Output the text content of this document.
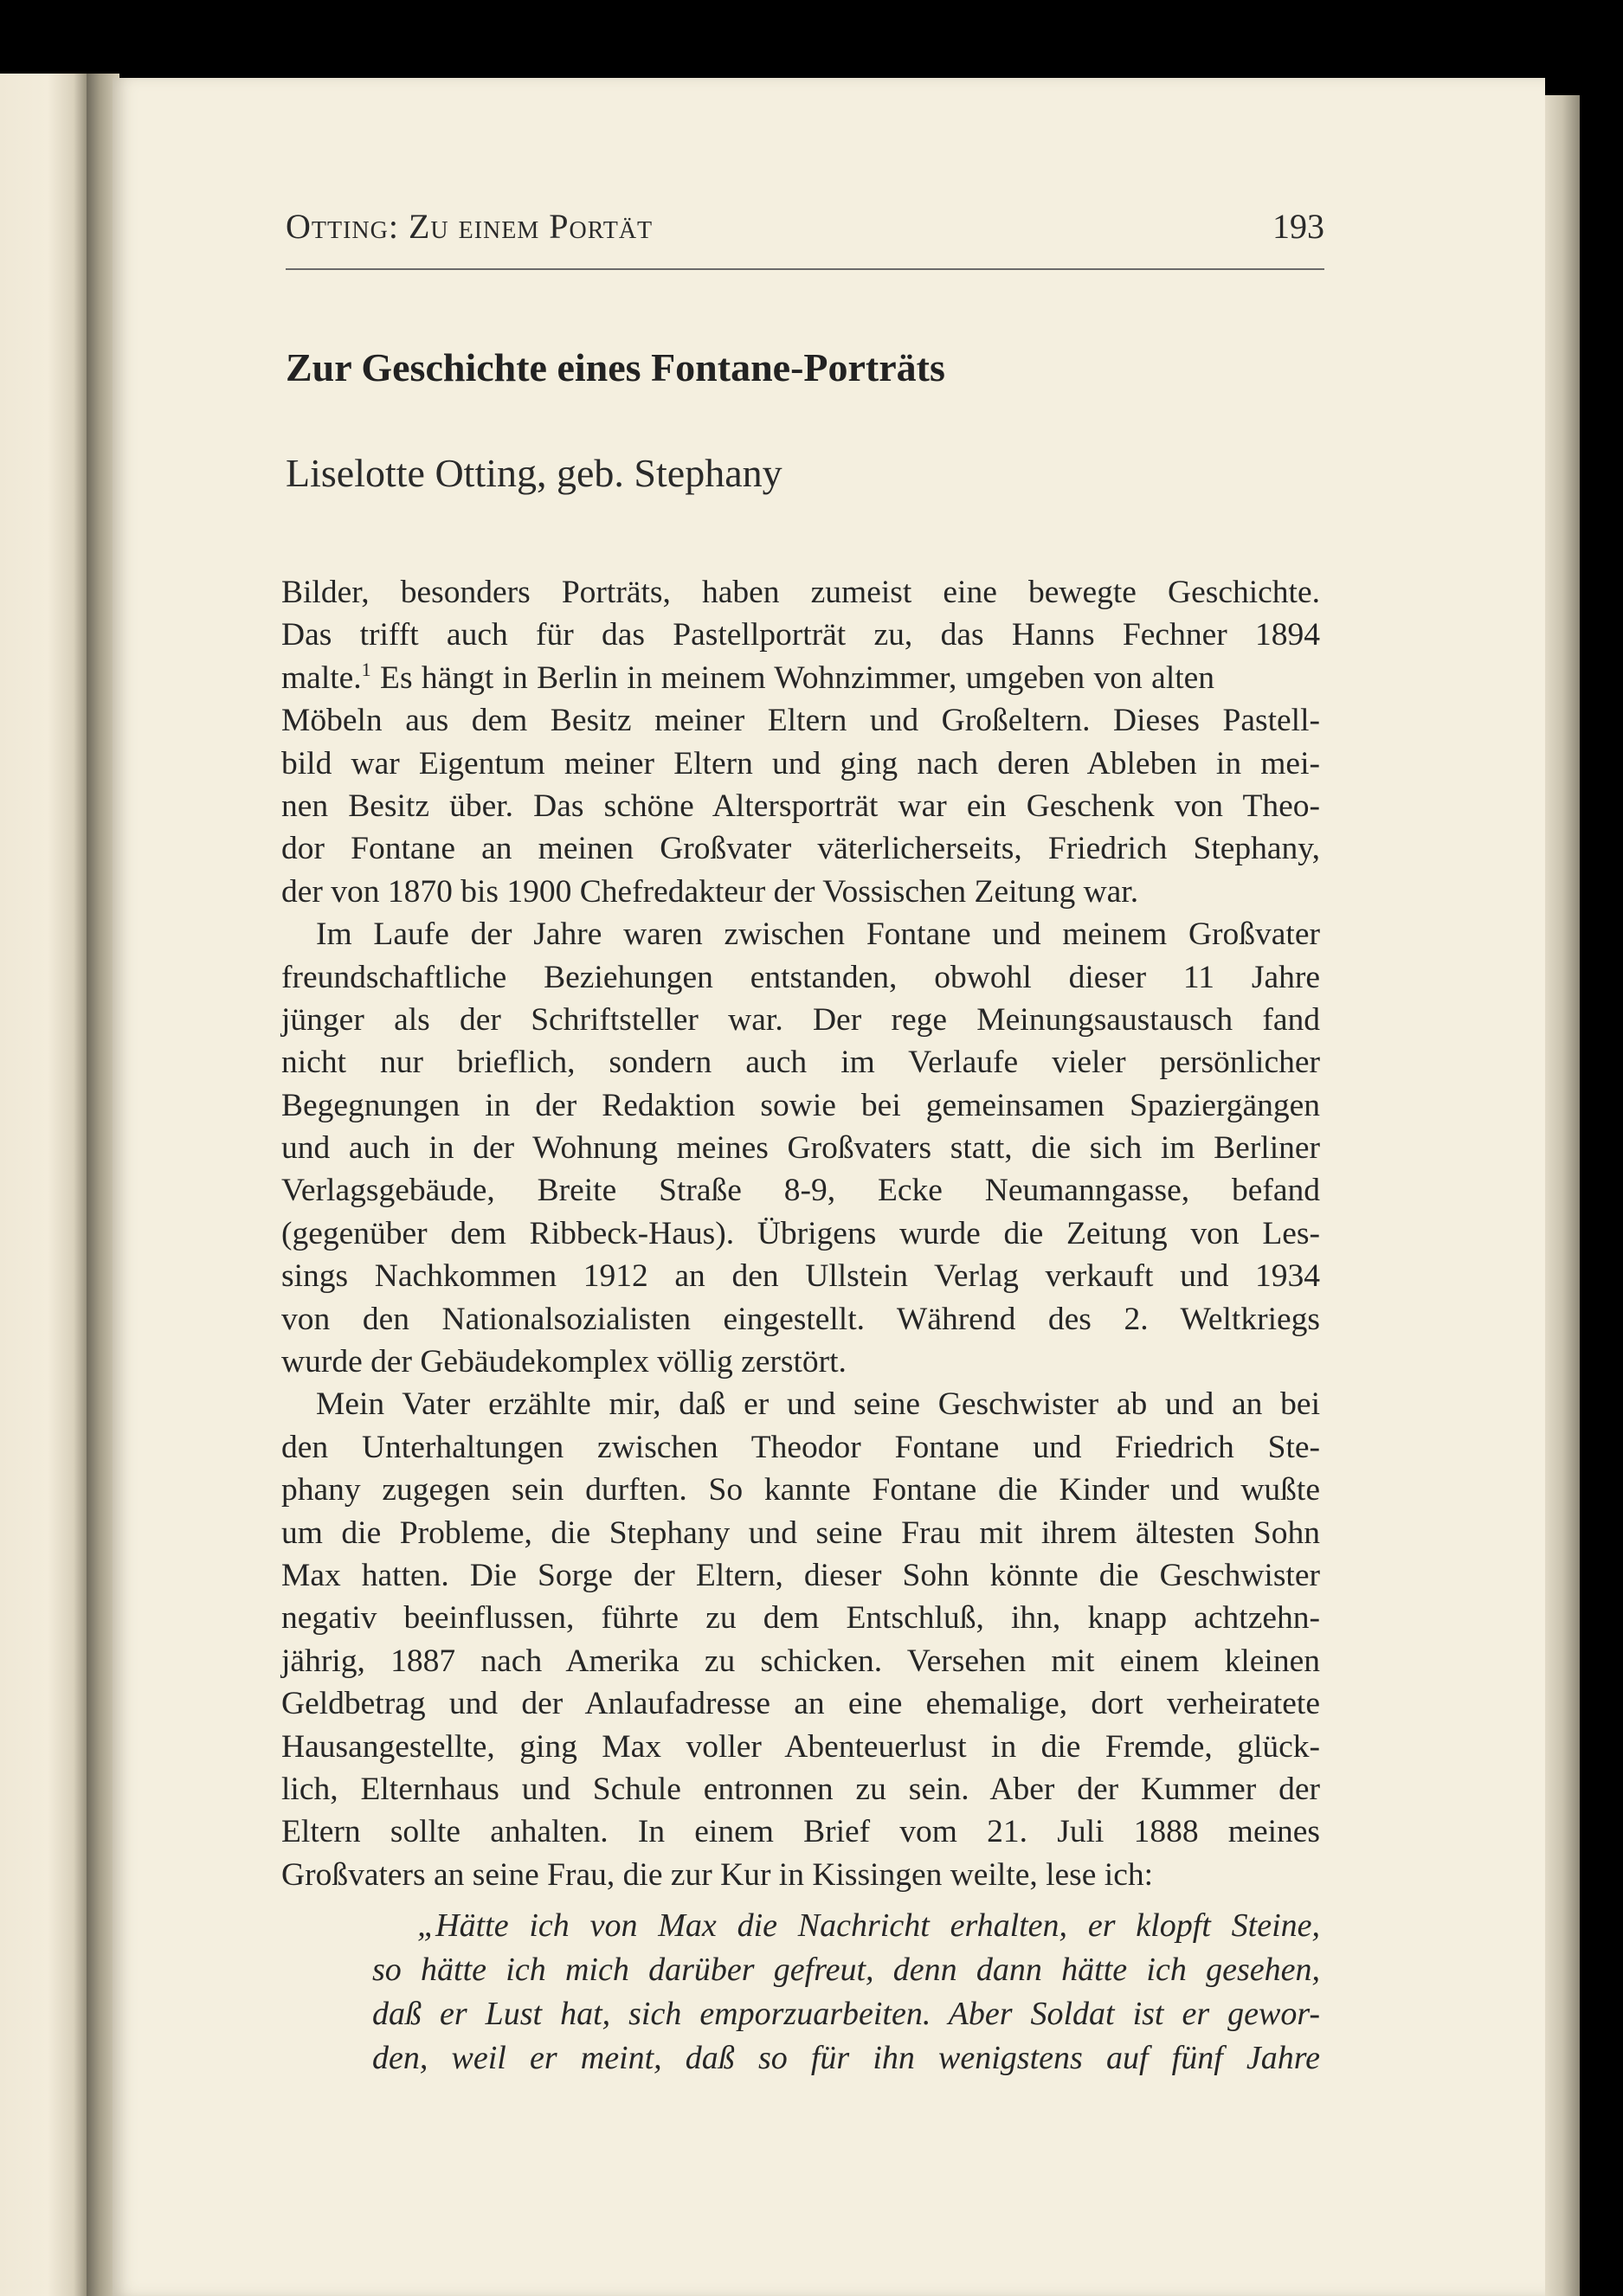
Otting: Zu einem Portät	193
Zur Geschichte eines Fontane-Porträts
Liselotte Otting, geb. Stephany
Bilder, besonders Porträts, haben zumeist eine bewegte Geschichte.
Das trifft auch für das Pastellporträt zu, das Hanns Fechner 1894
malte.$^1$ Es hängt in Berlin in meinem Wohnzimmer, umgeben von alten
Möbeln aus dem Besitz meiner Eltern und Großeltern. Dieses Pastell-
bild war Eigentum meiner Eltern und ging nach deren Ableben in mei-
nen Besitz über. Das schöne Altersporträt war ein Geschenk von Theo-
dor Fontane an meinen Großvater väterlicherseits, Friedrich Stephany,
der von 1870 bis 1900 Chefredakteur der Vossischen Zeitung war.
Im Laufe der Jahre waren zwischen Fontane und meinem Großvater
freundschaftliche Beziehungen entstanden, obwohl dieser 11 Jahre
jünger als der Schriftsteller war. Der rege Meinungsaustausch fand
nicht nur brieflich, sondern auch im Verlaufe vieler persönlicher
Begegnungen in der Redaktion sowie bei gemeinsamen Spaziergängen
und auch in der Wohnung meines Großvaters statt, die sich im Berliner
Verlagsgebäude, Breite Straße 8-9, Ecke Neumanngasse, befand
(gegenüber dem Ribbeck-Haus). Übrigens wurde die Zeitung von Les-
sings Nachkommen 1912 an den Ullstein Verlag verkauft und 1934
von den Nationalsozialisten eingestellt. Während des 2. Weltkriegs
wurde der Gebäudekomplex völlig zerstört.
Mein Vater erzählte mir, daß er und seine Geschwister ab und an bei
den Unterhaltungen zwischen Theodor Fontane und Friedrich Ste-
phany zugegen sein durften. So kannte Fontane die Kinder und wußte
um die Probleme, die Stephany und seine Frau mit ihrem ältesten Sohn
Max hatten. Die Sorge der Eltern, dieser Sohn könnte die Geschwister
negativ beeinflussen, führte zu dem Entschluß, ihn, knapp achtzehn-
jährig, 1887 nach Amerika zu schicken. Versehen mit einem kleinen
Geldbetrag und der Anlaufadresse an eine ehemalige, dort verheiratete
Hausangestellte, ging Max voller Abenteuerlust in die Fremde, glück-
lich, Elternhaus und Schule entronnen zu sein. Aber der Kummer der
Eltern sollte anhalten. In einem Brief vom 21. Juli 1888 meines
Großvaters an seine Frau, die zur Kur in Kissingen weilte, lese ich:
„Hätte ich von Max die Nachricht erhalten, er klopft Steine,
so hätte ich mich darüber gefreut, denn dann hätte ich gesehen,
daß er Lust hat, sich emporzuarbeiten. Aber Soldat ist er gewor-
den, weil er meint, daß so für ihn wenigstens auf fünf Jahre
